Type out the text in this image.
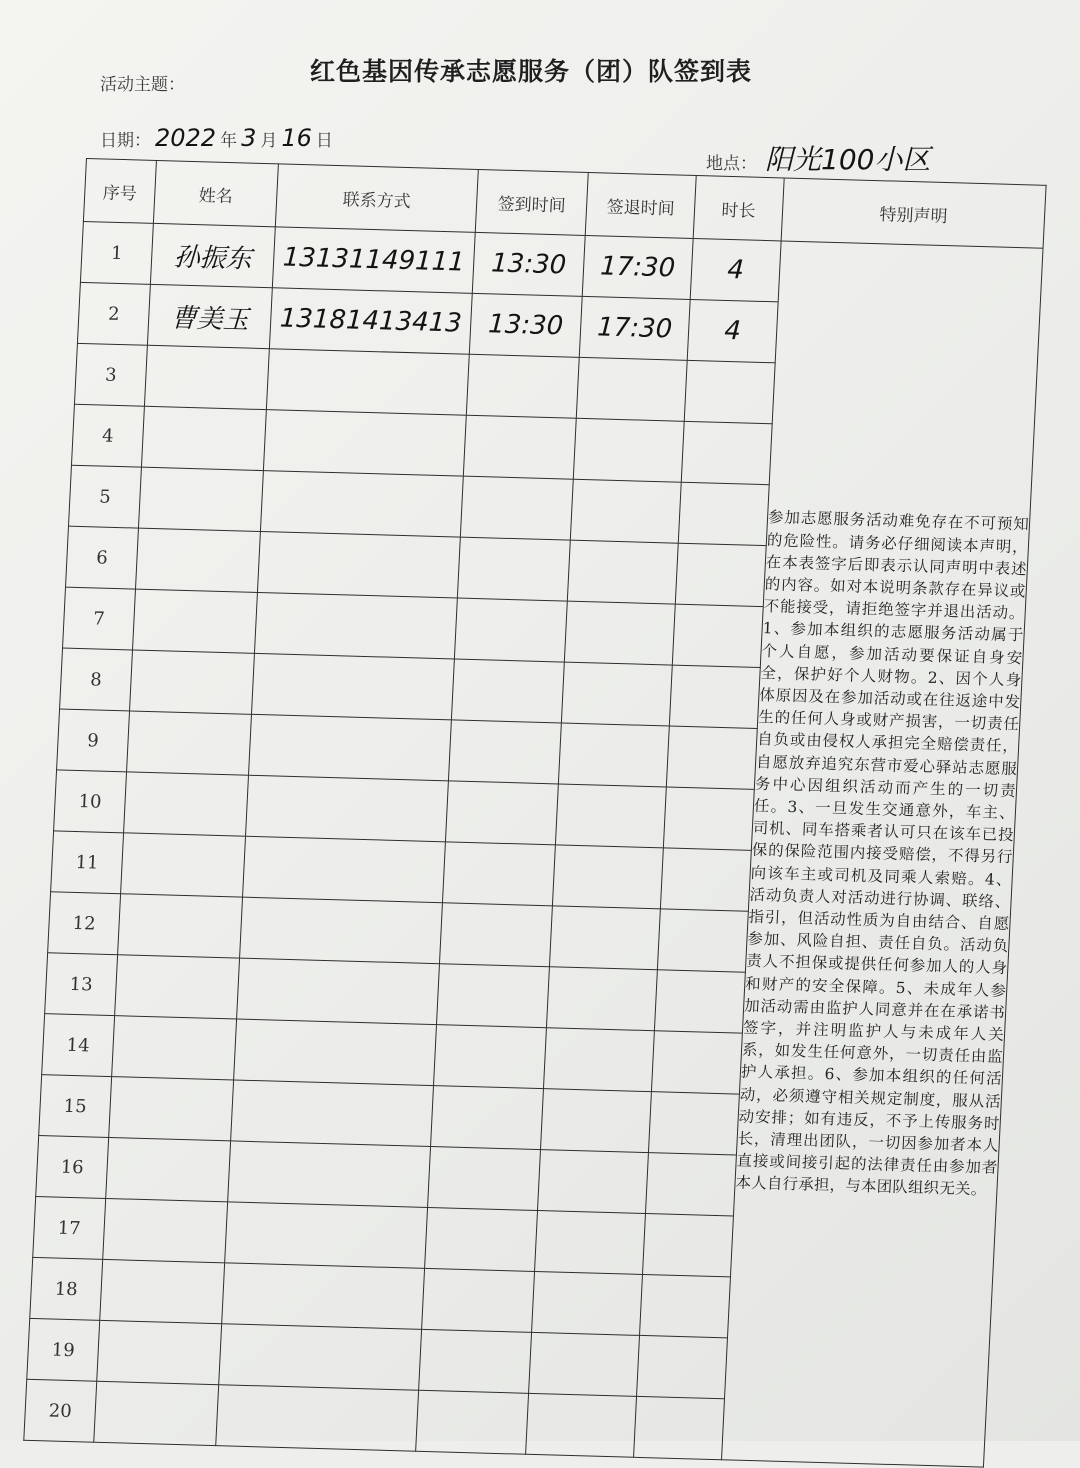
活动主题：	红色基因传承志愿服务（团）队签到表
日期： 2022 年 3 月 16 日
地点： 阳光100小区
序号	姓名	联系方式	签到时间	签退时间	时长	特别声明
1	孙振东	13131149111	13:30	17:30	4	参加志愿服务活动难免存在不可预知的危险性。请务必仔细阅读本声明，在本表签字后即表示认同声明中表述的内容。如对本说明条款存在异议或不能接受，请拒绝签字并退出活动。1、参加本组织的志愿服务活动属于个人自愿，参加活动要保证自身安全，保护好个人财物。2、因个人身体原因及在参加活动或在往返途中发生的任何人身或财产损害，一切责任自负或由侵权人承担完全赔偿责任，自愿放弃追究东营市爱心驿站志愿服务中心因组织活动而产生的一切责任。3、一旦发生交通意外，车主、司机、同车搭乘者认可只在该车已投保的保险范围内接受赔偿，不得另行向该车主或司机及同乘人索赔。4、活动负责人对活动进行协调、联络、指引，但活动性质为自由结合、自愿参加、风险自担、责任自负。活动负责人不担保或提供任何参加人的人身和财产的安全保障。5、未成年人参加活动需由监护人同意并在在承诺书签字，并注明监护人与未成年人关系，如发生任何意外，一切责任由监护人承担。6、参加本组织的任何活动，必须遵守相关规定制度，服从活动安排；如有违反，不予上传服务时长，清理出团队，一切因参加者本人直接或间接引起的法律责任由参加者本人自行承担，与本团队组织无关。
2	曹美玉	13181413413	13:30	17:30	4	
3						
4						
5						
6						
7						
8						
9						
10						
11						
12						
13						
14						
15						
16						
17						
18						
19						
20						
